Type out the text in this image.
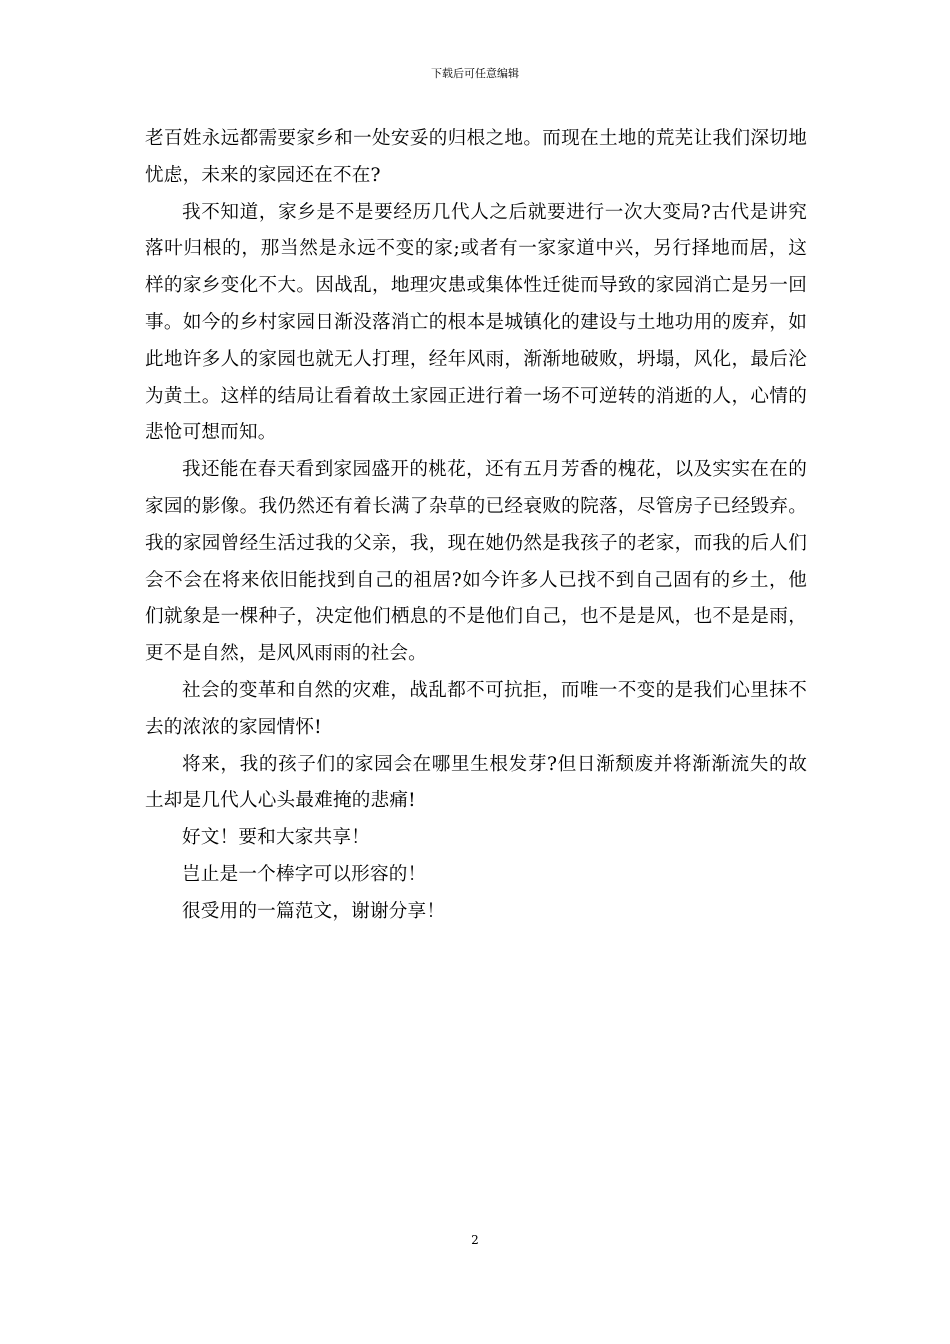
下载后可任意编辑

老百姓永远都需要家乡和一处安妥的归根之地。而现在土地的荒芜让我们深切地忧虑，未来的家园还在不在?

我不知道，家乡是不是要经历几代人之后就要进行一次大变局?古代是讲究落叶归根的，那当然是永远不变的家;或者有一家家道中兴，另行择地而居，这样的家乡变化不大。因战乱，地理灾患或集体性迁徙而导致的家园消亡是另一回事。如今的乡村家园日渐没落消亡的根本是城镇化的建设与土地功用的废弃，如此地许多人的家园也就无人打理，经年风雨，渐渐地破败，坍塌，风化，最后沦为黄土。这样的结局让看着故土家园正进行着一场不可逆转的消逝的人，心情的悲怆可想而知。

我还能在春天看到家园盛开的桃花，还有五月芳香的槐花，以及实实在在的家园的影像。我仍然还有着长满了杂草的已经衰败的院落，尽管房子已经毁弃。我的家园曾经生活过我的父亲，我，现在她仍然是我孩子的老家，而我的后人们会不会在将来依旧能找到自己的祖居?如今许多人已找不到自己固有的乡土，他们就象是一棵种子，决定他们栖息的不是他们自己，也不是是风，也不是是雨，更不是自然，是风风雨雨的社会。

社会的变革和自然的灾难，战乱都不可抗拒，而唯一不变的是我们心里抹不去的浓浓的家园情怀!

将来，我的孩子们的家园会在哪里生根发芽?但日渐颓废并将渐渐流失的故土却是几代人心头最难掩的悲痛!

好文！要和大家共享！

岂止是一个棒字可以形容的！

很受用的一篇范文，谢谢分享！

2
